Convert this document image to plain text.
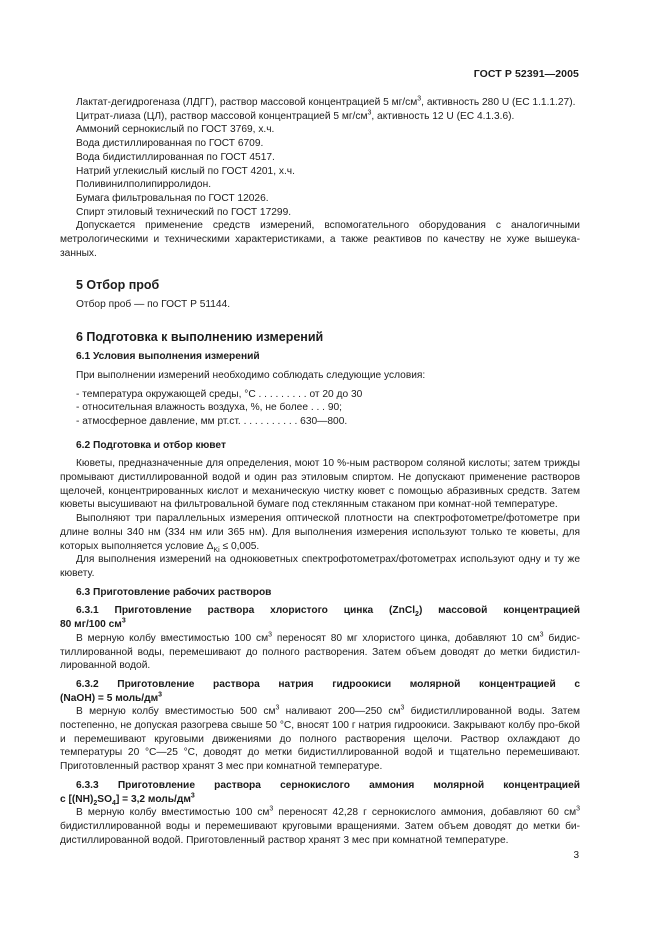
ГОСТ Р 52391—2005

Лактат-дегидрогеназа (ЛДГГ), раствор массовой концентрацией 5 $мг/см^3$, активность 280 U (ЕС 1.1.1.27).

Цитрат-лиазa (ЦЛ), раствор массовой концентрацией 5 $мг/см^3$, активность 12 U (ЕС 4.1.3.6).

Аммоний сернокислый по ГОСТ 3769, х.ч.

Вода дистиллированная по ГОСТ 6709.

Вода бидистиллированная по ГОСТ 4517.

Натрий углекислый кислый по ГОСТ 4201, х.ч.

Поливинилполипирролидон.

Бумага фильтровальная по ГОСТ 12026.

Спирт этиловый технический по ГОСТ 17299.

Допускается применение средств измерений, вспомогательного оборудования с аналогичными метрологическими и техническими характеристиками, а также реактивов по качеству не хуже вышеука-занных.

5 Отбор проб

Отбор проб — по ГОСТ Р 51144.

6 Подготовка к выполнению измерений
6.1 Условия выполнения измерений

При выполнении измерений необходимо соблюдать следующие условия:

- температура окружающей среды, °С . . . . . . . . . от 20 до 30

- относительная влажность воздуха, %, не более . . . 90;

- атмосферное давление, мм рт.ст. . . . . . . . . . . 630—800.

6.2 Подготовка и отбор кювет

Кюветы, предназначенные для определения, моют 10 %-ным раствором соляной кислоты; затем трижды промывают дистиллированной водой и один раз этиловым спиртом. Не допускают применение растворов щелочей, концентрированных кислот и механическую чистку кювет с помощью абразивных средств. Затем кюветы высушивают на фильтровальной бумаге под стеклянным стаканом при комнат-ной температуре.

Выполняют три параллельных измерения оптической плотности на спектрофотометре/фотометре при длине волны 340 нм (334 нм или 365 нм). Для выполнения измерения используют только те кюветы, для которых выполняется условие $\Delta_{Ki} \le 0,005$.

Для выполнения измерений на однокюветных спектрофотометрах/фотометрах используют одну и ту же кювету.

6.3 Приготовление рабочих растворов
6.3.1 Приготовление раствора хлористого цинка (ZnCl$_2$) массовой концентрацией
80 мг/100 $см^3$

В мерную колбу вместимостью 100 $см^3$ переносят 80 мг хлористого цинка, добавляют 10 $см^3$ бидис-тиллированной воды, перемешивают до полного растворения. Затем объем доводят до метки бидистил-лированной водой.

6.3.2 Приготовление раствора натрия гидроокиси молярной концентрацией с
(NaOH) = 5 моль/$дм^3$

В мерную колбу вместимостью 500 $см^3$ наливают 200—250 $см^3$ бидистиллированной воды. Затем постепенно, не допуская разогрева свыше 50 °С, вносят 100 г натрия гидроокиси. Закрывают колбу про-бкой и перемешивают круговыми движениями до полного растворения щелочи. Раствор охлаждают до температуры 20 °С—25 °С, доводят до метки бидистиллированной водой и тщательно перемешивают. Приготовленный раствор хранят 3 мес при комнатной температуре.

6.3.3 Приготовление раствора сернокислого аммония молярной концентрацией
с $[(NH)_2SO_4] = 3,2$ моль/$дм^3$

В мерную колбу вместимостью 100 $см^3$ переносят 42,28 г сернокислого аммония, добавляют 60 $см^3$ бидистиллированной воды и перемешивают круговыми вращениями. Затем объем доводят до метки би-дистиллированной водой. Приготовленный раствор хранят 3 мес при комнатной температуре.

3
